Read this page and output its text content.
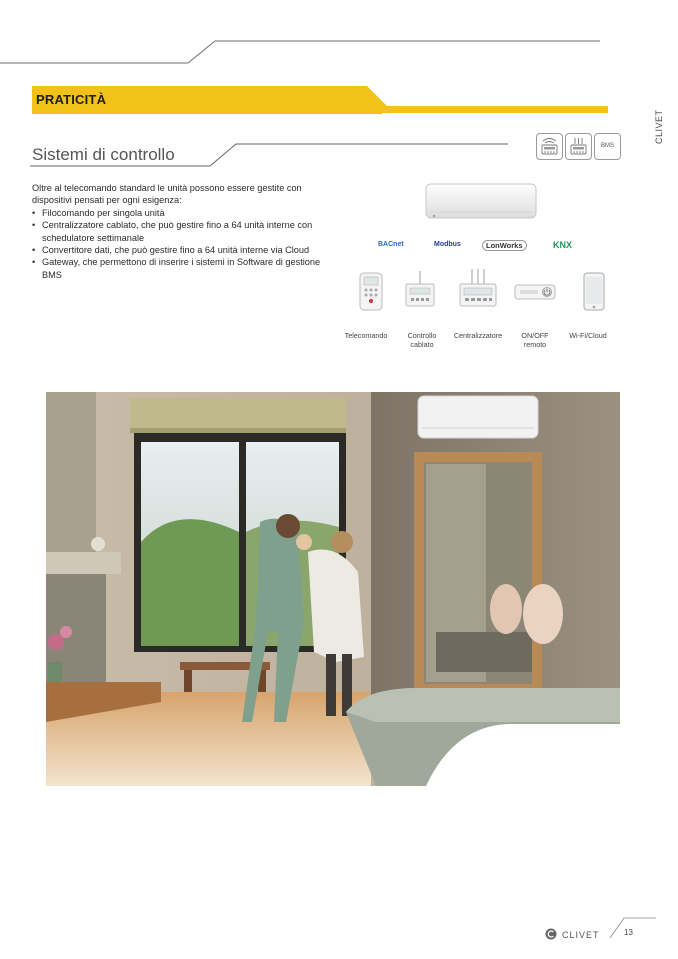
PRATICITÀ
CLIVET
Sistemi di controllo	BMS
Oltre al telecomando standard le unità possono essere gestite con dispositivi pensati per ogni esigenza:
• Filocomando per singola unità
• Centralizzatore cablato, che può gestire fino a 64 unità interne con schedulatore settimanale
• Convertitore dati, che può gestire fino a 64 unità interne via Cloud
• Gateway, che permettono di inserire i sistemi in Software di gestione BMS
BACnet	Modbus	LonWorks	KNX
Telecomando	Controllo
cablato
Centralizzatore	ON/OFF
remoto
Wi-Fi/Cloud
CLIVET	13
